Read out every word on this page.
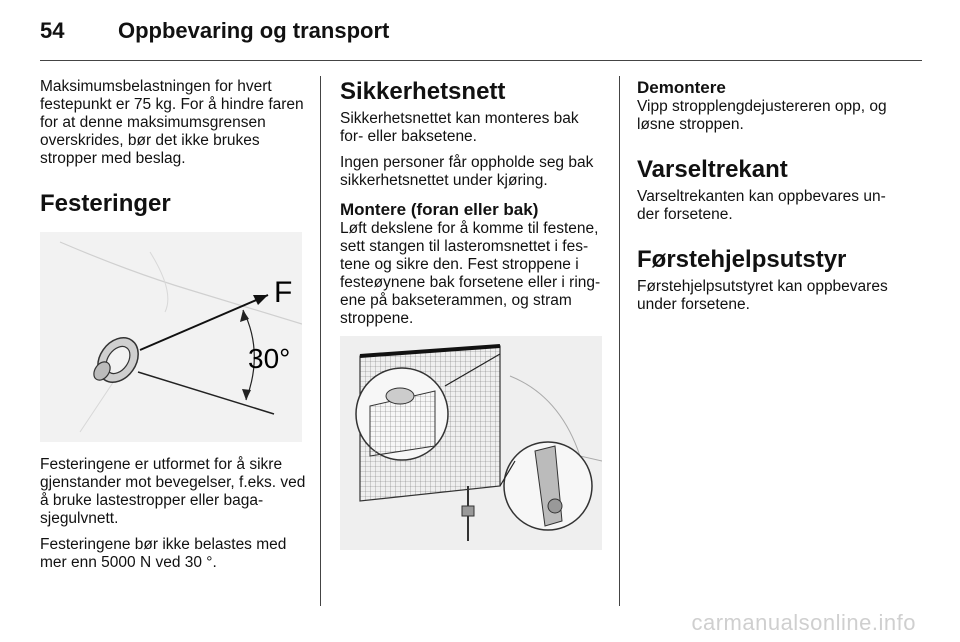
54	Oppbevaring og transport

Maksimumsbelastningen for hvert festepunkt er 75 kg. For å hindre faren for at denne maksimumsgrensen overskrides, bør det ikke brukes stropper med beslag.

Festeringer
F
30°

Festeringene er utformet for å sikre gjenstander mot bevegelser, f.eks. ved å bruke lastestropper eller baga- sjegulvnett.

Festeringene bør ikke belastes med mer enn 5000 N ved 30 °.

Sikkerhetsnett

Sikkerhetsnettet kan monteres bak for- eller baksetene.

Ingen personer får oppholde seg bak sikkerhetsnettet under kjøring.

Montere (foran eller bak)

Løft dekslene for å komme til festene, sett stangen til lasteromsnettet i fes- tene og sikre den. Fest stroppene i festeøynene bak forsetene eller i ring- ene på bakseterammen, og stram stroppene.

Demontere

Vipp stropplengdejustereren opp, og løsne stroppen.

Varseltrekant

Varseltrekanten kan oppbevares un- der forsetene.

Førstehjelpsutstyr

Førstehjelpsutstyret kan oppbevares under forsetene.

carmanualsonline.info
